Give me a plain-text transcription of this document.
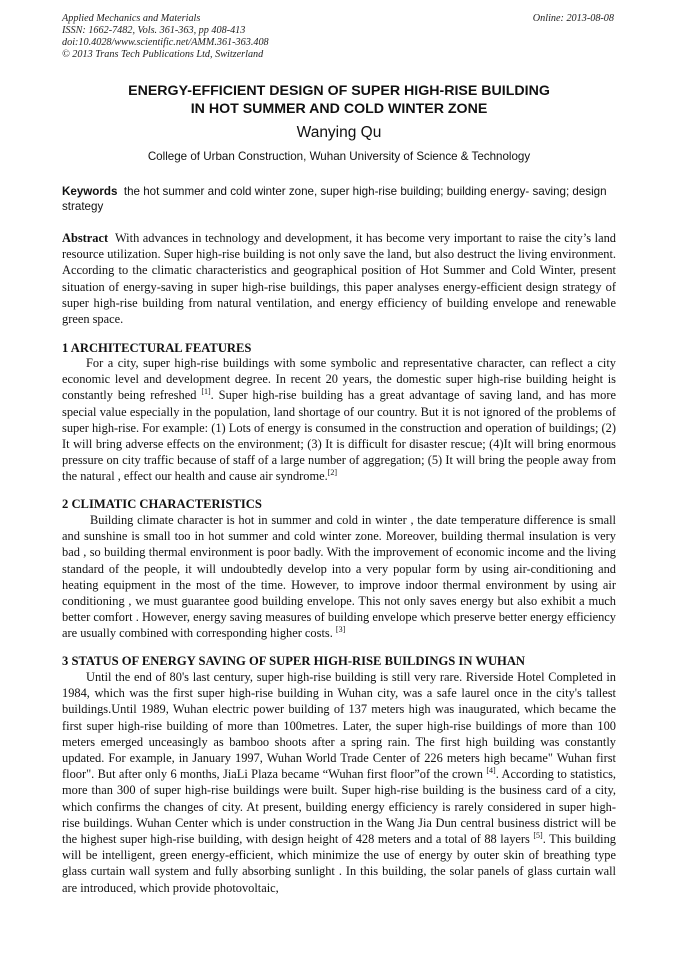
Applied Mechanics and Materials
ISSN: 1662-7482, Vols. 361-363, pp 408-413
doi:10.4028/www.scientific.net/AMM.361-363.408
© 2013 Trans Tech Publications Ltd, Switzerland
Online: 2013-08-08
ENERGY-EFFICIENT DESIGN OF SUPER HIGH-RISE BUILDING
IN HOT SUMMER AND COLD WINTER ZONE
Wanying Qu
College of Urban Construction, Wuhan University of Science & Technology
Keywords the hot summer and cold winter zone, super high-rise building; building energy- saving; design strategy
Abstract With advances in technology and development, it has become very important to raise the city’s land resource utilization. Super high-rise building is not only save the land, but also destruct the living environment. According to the climatic characteristics and geographical position of Hot Summer and Cold Winter, present situation of energy-saving in super high-rise buildings, this paper analyses energy-efficient design strategy of super high-rise building from natural ventilation, and energy efficiency of building envelope and renewable green space.
1 ARCHITECTURAL FEATURES
For a city, super high-rise buildings with some symbolic and representative character, can reflect a city economic level and development degree. In recent 20 years, the domestic super high-rise building height is constantly being refreshed [1]. Super high-rise building has a great advantage of saving land, and has more special value especially in the population, land shortage of our country. But it is not ignored of the problems of super high-rise. For example: (1) Lots of energy is consumed in the construction and operation of buildings; (2) It will bring adverse effects on the environment; (3) It is difficult for disaster rescue; (4)It will bring enormous pressure on city traffic because of staff of a large number of aggregation; (5) It will bring the people away from the natural , effect our health and cause air syndrome.[2]
2 CLIMATIC CHARACTERISTICS
Building climate character is hot in summer and cold in winter , the date temperature difference is small and sunshine is small too in hot summer and cold winter zone. Moreover, building thermal insulation is very bad , so building thermal environment is poor badly. With the improvement of economic income and the living standard of the people, it will undoubtedly develop into a very popular form by using air-conditioning and heating equipment in the most of the time. However, to improve indoor thermal environment by using air conditioning , we must guarantee good building envelope. This not only saves energy but also exhibit a much better comfort . However, energy saving measures of building envelope which preserve better energy efficiency are usually combined with corresponding higher costs. [3]
3 STATUS OF ENERGY SAVING OF SUPER HIGH-RISE BUILDINGS IN WUHAN
Until the end of 80's last century, super high-rise building is still very rare. Riverside Hotel Completed in 1984, which was the first super high-rise building in Wuhan city, was a safe laurel once in the city's tallest buildings.Until 1989, Wuhan electric power building of 137 meters high was inaugurated, which became the first super high-rise building of more than 100metres. Later, the super high-rise buildings of more than 100 meters emerged unceasingly as bamboo shoots after a spring rain. The first high building was constantly updated. For example, in January 1997, Wuhan World Trade Center of 226 meters high became" Wuhan first floor". But after only 6 months, JiaLi Plaza became “Wuhan first floor”of the crown [4]. According to statistics, more than 300 of super high-rise buildings were built. Super high-rise building is the business card of a city, which confirms the changes of city. At present, building energy efficiency is rarely considered in super high-rise buildings. Wuhan Center which is under construction in the Wang Jia Dun central business district will be the highest super high-rise building, with design height of 428 meters and a total of 88 layers [5]. This building will be intelligent, green energy-efficient, which minimize the use of energy by outer skin of breathing type glass curtain wall system and fully absorbing sunlight . In this building, the solar panels of glass curtain wall are introduced, which provide photovoltaic,
